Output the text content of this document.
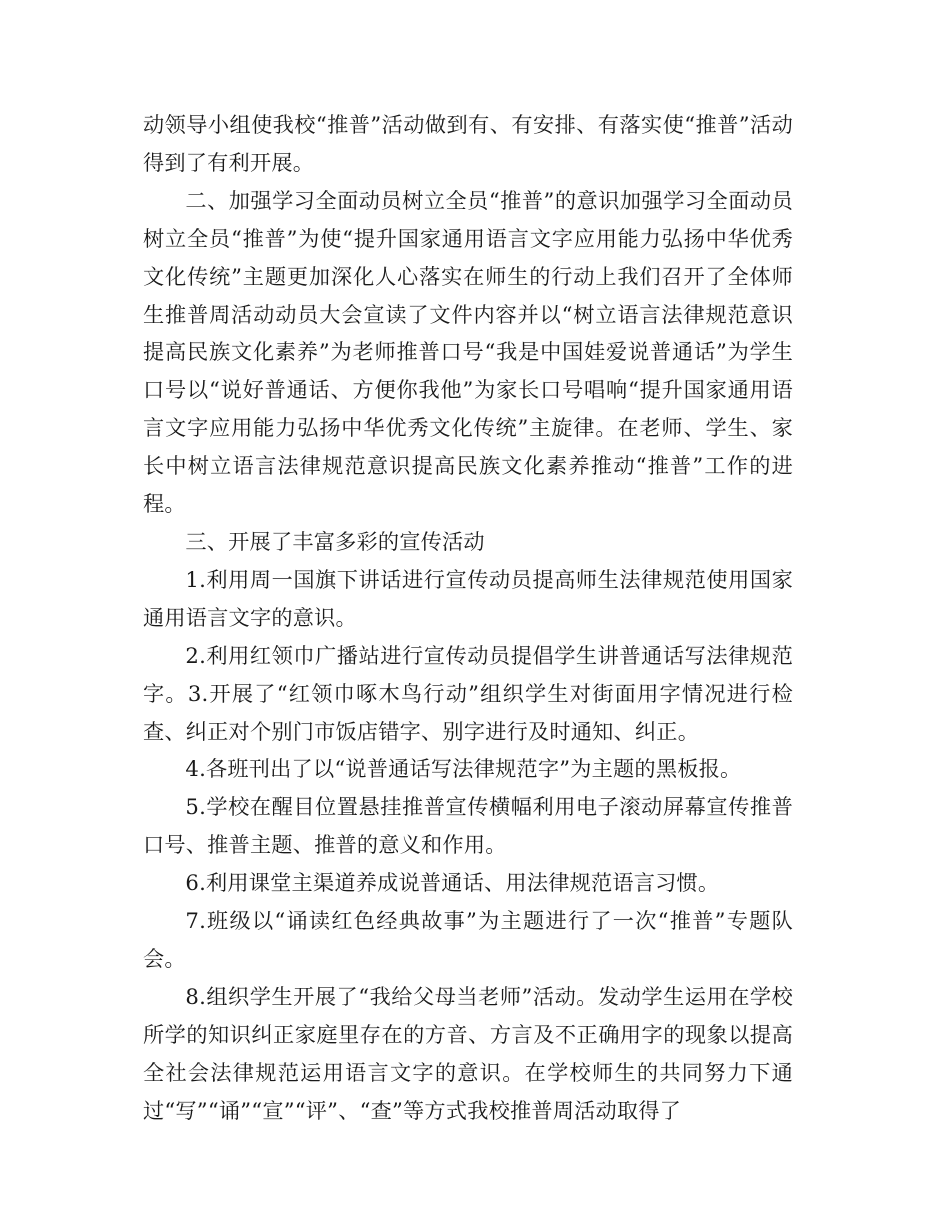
动领导小组使我校“推普”活动做到有、有安排、有落实使“推普”活动得到了有利开展。

二、加强学习全面动员树立全员“推普”的意识加强学习全面动员树立全员“推普”为使“提升国家通用语言文字应用能力弘扬中华优秀文化传统”主题更加深化人心落实在师生的行动上我们召开了全体师生推普周活动动员大会宣读了文件内容并以“树立语言法律规范意识提高民族文化素养”为老师推普口号“我是中国娃爱说普通话”为学生口号以“说好普通话、方便你我他”为家长口号唱响“提升国家通用语言文字应用能力弘扬中华优秀文化传统”主旋律。在老师、学生、家长中树立语言法律规范意识提高民族文化素养推动“推普”工作的进程。

三、开展了丰富多彩的宣传活动

1.利用周一国旗下讲话进行宣传动员提高师生法律规范使用国家通用语言文字的意识。

2.利用红领巾广播站进行宣传动员提倡学生讲普通话写法律规范字。3.开展了“红领巾啄木鸟行动”组织学生对街面用字情况进行检查、纠正对个别门市饭店错字、别字进行及时通知、纠正。

4.各班刊出了以“说普通话写法律规范字”为主题的黑板报。

5.学校在醒目位置悬挂推普宣传横幅利用电子滚动屏幕宣传推普口号、推普主题、推普的意义和作用。

6.利用课堂主渠道养成说普通话、用法律规范语言习惯。

7.班级以“诵读红色经典故事”为主题进行了一次“推普”专题队会。

8.组织学生开展了“我给父母当老师”活动。发动学生运用在学校所学的知识纠正家庭里存在的方音、方言及不正确用字的现象以提高全社会法律规范运用语言文字的意识。在学校师生的共同努力下通过“写”“诵”“宣”“评”、“查”等方式我校推普周活动取得了
